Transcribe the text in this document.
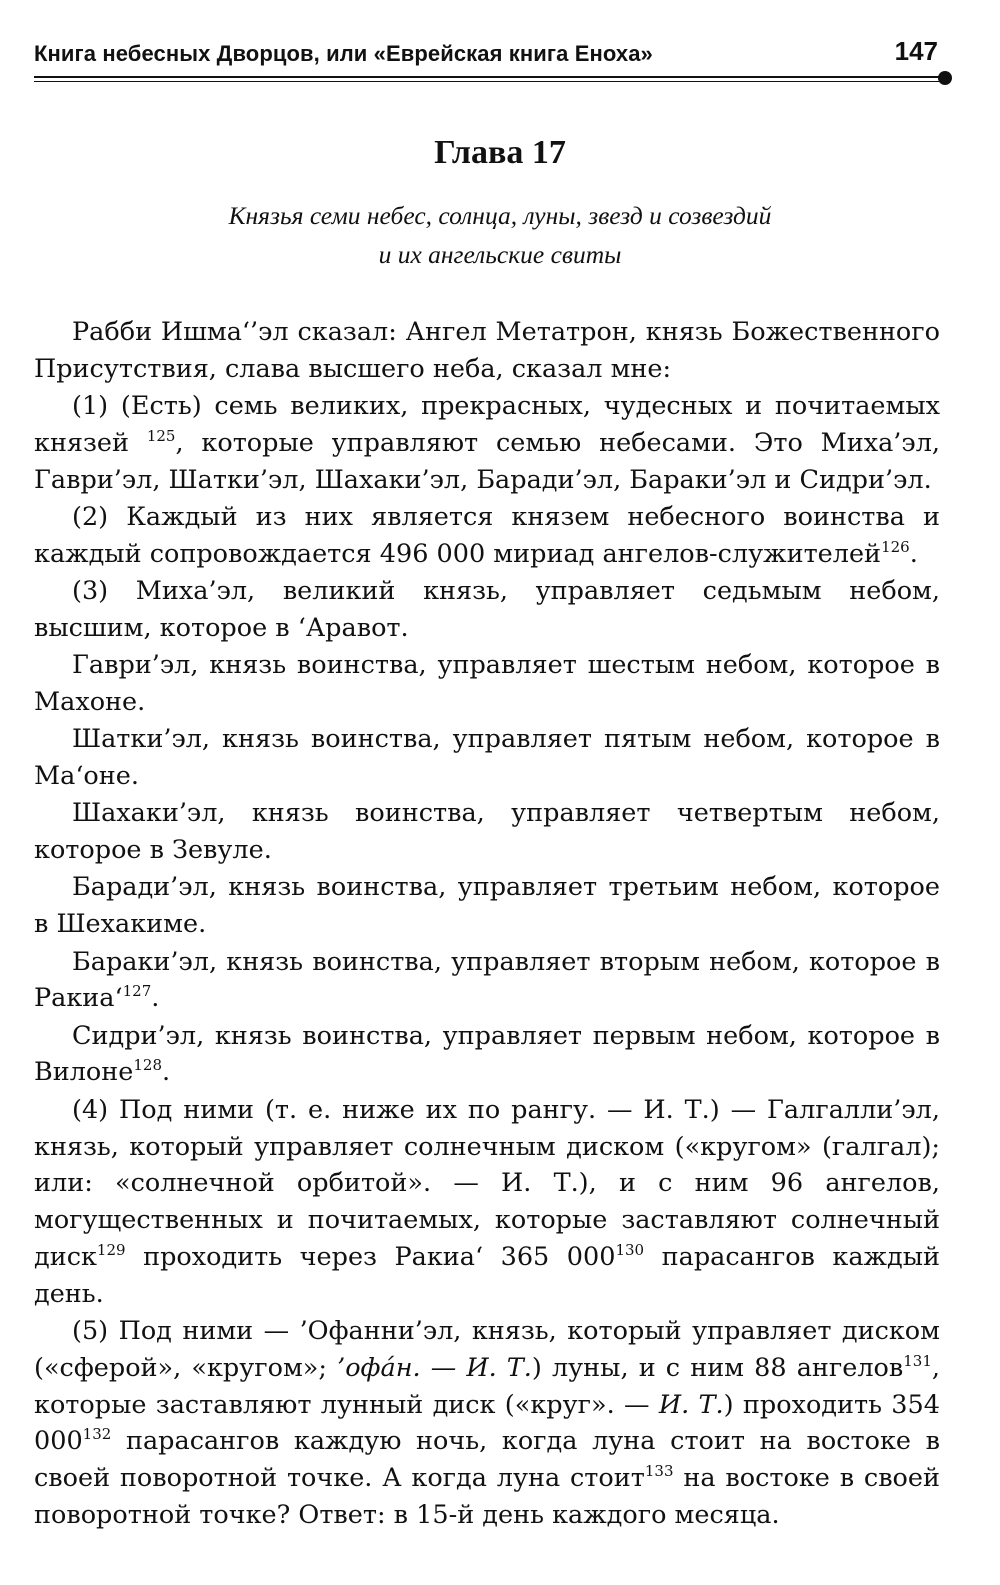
Книга небесных Дворцов, или «Еврейская книга Еноха»	147
Глава 17
Князья семи небес, солнца, луны, звезд и созвездий
и их ангельские свиты

Рабби Ишма‘’эл сказал: Ангел Метатрон, князь Божественного Присутствия, слава высшего неба, сказал мне:

(1) (Есть) семь великих, прекрасных, чудесных и почитаемых князей $^{125}$, которые управляют семью небесами. Это Миха’эл, Гаври’эл, Шатки’эл, Шахаки’эл, Баради’эл, Бараки’эл и Сидри’эл.

(2) Каждый из них является князем небесного воинства и каждый сопровождается 496 000 мириад ангелов-служителей$^{126}$.

(3) Миха’эл, великий князь, управляет седьмым небом, высшим, которое в ‘Аравот.

Гаври’эл, князь воинства, управляет шестым небом, которое в Махоне.

Шатки’эл, князь воинства, управляет пятым небом, которое в Ма‘оне.

Шахаки’эл, князь воинства, управляет четвертым небом, которое в Зевуле.

Баради’эл, князь воинства, управляет третьим небом, которое в Шехакиме.

Бараки’эл, князь воинства, управляет вторым небом, которое в Ракиа‘$^{127}$.

Сидри’эл, князь воинства, управляет первым небом, которое в Вилоне$^{128}$.

(4) Под ними (т. е. ниже их по рангу. — И. Т.) — Галгалли’эл, князь, который управляет солнечным диском («кругом» (галгал); или: «солнечной орбитой». — И. Т.), и с ним 96 ангелов, могущественных и почитаемых, которые заставляют солнечный диск$^{129}$ проходить через Ракиа‘ 365 $000^{130}$ парасангов каждый день.

(5) Под ними — ’Офанни’эл, князь, который управляет диском («сферой», «кругом»; ’офáн. — И. Т.) луны, и с ним 88 ангелов$^{131}$, которые заставляют лунный диск («круг». — И. Т.) проходить 354 $000^{132}$ парасангов каждую ночь, когда луна стоит на востоке в своей поворотной точке. А когда луна стоит$^{133}$ на востоке в своей поворотной точке? Ответ: в 15-й день каждого месяца.
